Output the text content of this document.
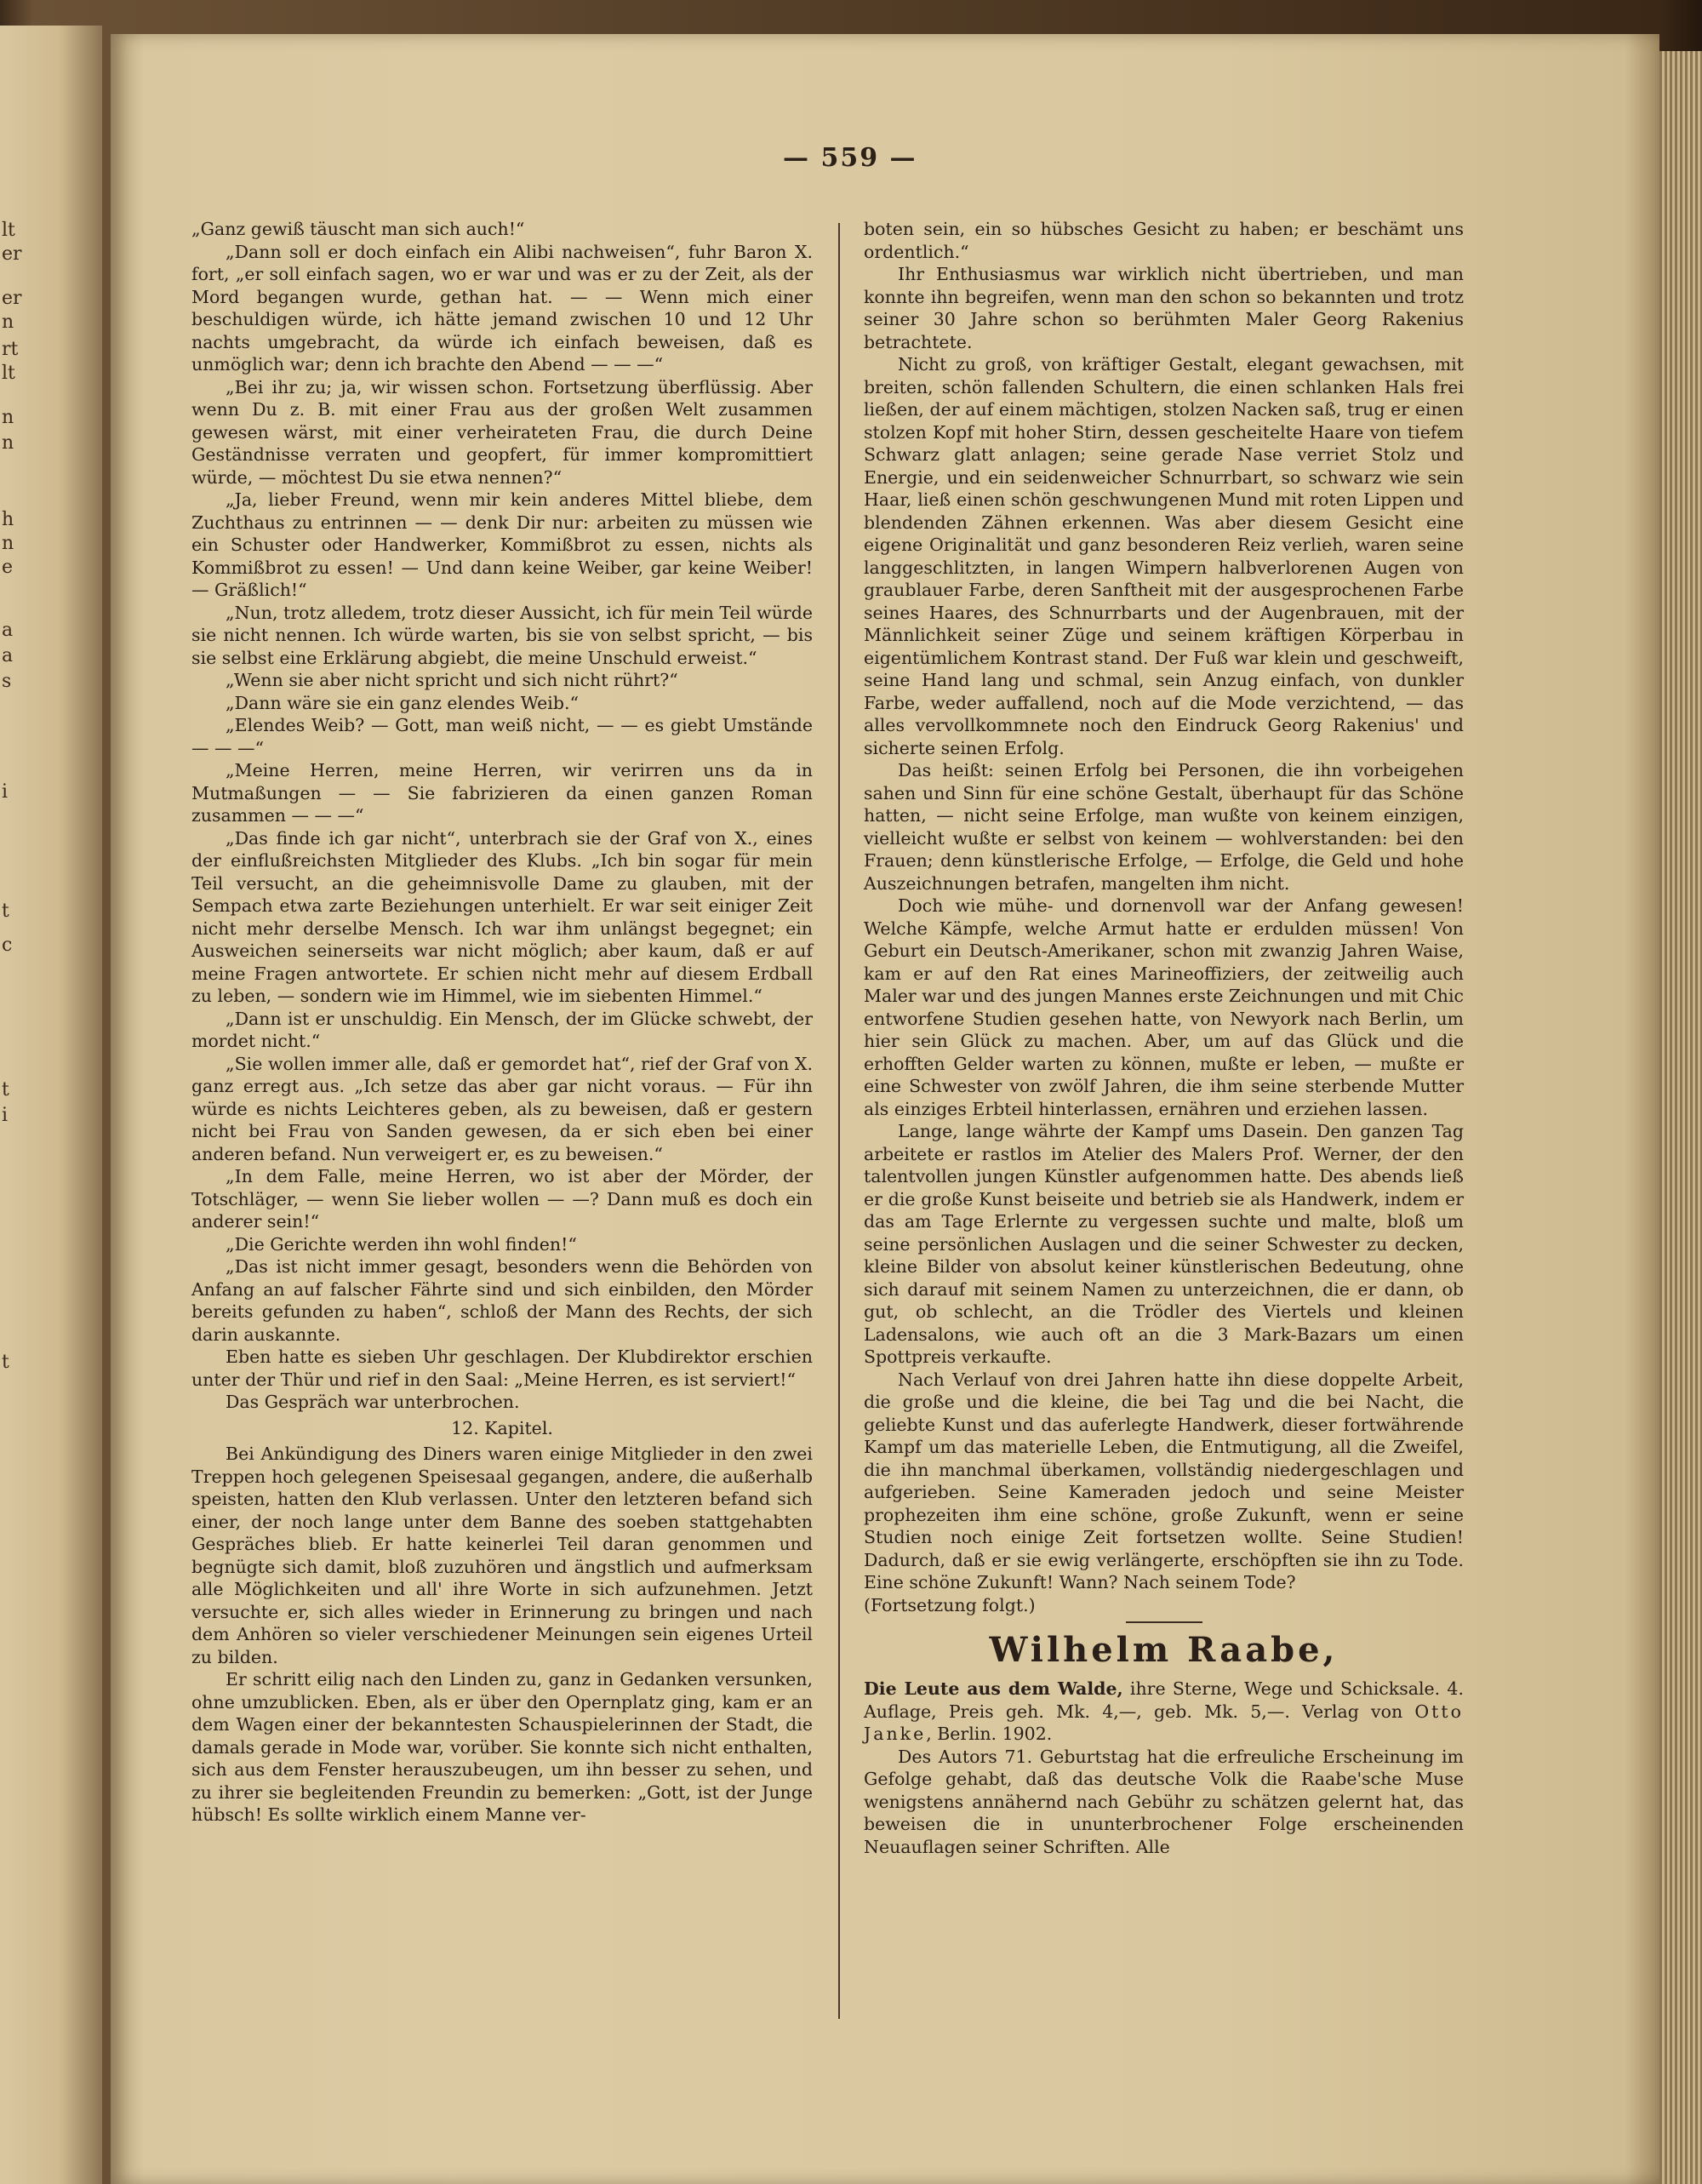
lt
er
er
n
rt
lt
n
n
h
n
e
a
a
s
i
t
c
t
i
t
— 559 —

„Ganz gewiß täuscht man sich auch!“

„Dann soll er doch einfach ein Alibi nachweisen“, fuhr Baron X. fort, „er soll einfach sagen, wo er war und was er zu der Zeit, als der Mord begangen wurde, gethan hat. — — Wenn mich einer beschuldigen würde, ich hätte jemand zwischen 10 und 12 Uhr nachts umgebracht, da würde ich einfach beweisen, daß es unmöglich war; denn ich brachte den Abend — — —“

„Bei ihr zu; ja, wir wissen schon. Fortsetzung überflüssig. Aber wenn Du z. B. mit einer Frau aus der großen Welt zusammen gewesen wärst, mit einer verheirateten Frau, die durch Deine Geständnisse verraten und geopfert, für immer kompromittiert würde, — möchtest Du sie etwa nennen?“

„Ja, lieber Freund, wenn mir kein anderes Mittel bliebe, dem Zuchthaus zu entrinnen — — denk Dir nur: arbeiten zu müssen wie ein Schuster oder Handwerker, Kommißbrot zu essen, nichts als Kommißbrot zu essen! — Und dann keine Weiber, gar keine Weiber! — Gräßlich!“

„Nun, trotz alledem, trotz dieser Aussicht, ich für mein Teil würde sie nicht nennen. Ich würde warten, bis sie von selbst spricht, — bis sie selbst eine Erklärung abgiebt, die meine Unschuld erweist.“

„Wenn sie aber nicht spricht und sich nicht rührt?“

„Dann wäre sie ein ganz elendes Weib.“

„Elendes Weib? — Gott, man weiß nicht, — — es giebt Umstände — — —“

„Meine Herren, meine Herren, wir verirren uns da in Mutmaßungen — — Sie fabrizieren da einen ganzen Roman zusammen — — —“

„Das finde ich gar nicht“, unterbrach sie der Graf von X., eines der einflußreichsten Mitglieder des Klubs. „Ich bin sogar für mein Teil versucht, an die geheimnisvolle Dame zu glauben, mit der Sempach etwa zarte Beziehungen unterhielt. Er war seit einiger Zeit nicht mehr derselbe Mensch. Ich war ihm unlängst begegnet; ein Ausweichen seinerseits war nicht möglich; aber kaum, daß er auf meine Fragen antwortete. Er schien nicht mehr auf diesem Erdball zu leben, — sondern wie im Himmel, wie im siebenten Himmel.“

„Dann ist er unschuldig. Ein Mensch, der im Glücke schwebt, der mordet nicht.“

„Sie wollen immer alle, daß er gemordet hat“, rief der Graf von X. ganz erregt aus. „Ich setze das aber gar nicht voraus. — Für ihn würde es nichts Leichteres geben, als zu beweisen, daß er gestern nicht bei Frau von Sanden gewesen, da er sich eben bei einer anderen befand. Nun verweigert er, es zu beweisen.“

„In dem Falle, meine Herren, wo ist aber der Mörder, der Totschläger, — wenn Sie lieber wollen — —? Dann muß es doch ein anderer sein!“

„Die Gerichte werden ihn wohl finden!“

„Das ist nicht immer gesagt, besonders wenn die Behörden von Anfang an auf falscher Fährte sind und sich einbilden, den Mörder bereits gefunden zu haben“, schloß der Mann des Rechts, der sich darin auskannte.

Eben hatte es sieben Uhr geschlagen. Der Klubdirektor erschien unter der Thür und rief in den Saal: „Meine Herren, es ist serviert!“

Das Gespräch war unterbrochen.

12. Kapitel.

Bei Ankündigung des Diners waren einige Mitglieder in den zwei Treppen hoch gelegenen Speisesaal gegangen, andere, die außerhalb speisten, hatten den Klub verlassen. Unter den letzteren befand sich einer, der noch lange unter dem Banne des soeben stattgehabten Gespräches blieb. Er hatte keinerlei Teil daran genommen und begnügte sich damit, bloß zuzuhören und ängstlich und aufmerksam alle Möglichkeiten und all' ihre Worte in sich aufzunehmen. Jetzt versuchte er, sich alles wieder in Erinnerung zu bringen und nach dem Anhören so vieler verschiedener Meinungen sein eigenes Urteil zu bilden.

Er schritt eilig nach den Linden zu, ganz in Gedanken versunken, ohne umzublicken. Eben, als er über den Opernplatz ging, kam er an dem Wagen einer der bekanntesten Schauspielerinnen der Stadt, die damals gerade in Mode war, vorüber. Sie konnte sich nicht enthalten, sich aus dem Fenster herauszubeugen, um ihn besser zu sehen, und zu ihrer sie begleitenden Freundin zu bemerken: „Gott, ist der Junge hübsch! Es sollte wirklich einem Manne ver-

boten sein, ein so hübsches Gesicht zu haben; er beschämt uns ordentlich.“

Ihr Enthusiasmus war wirklich nicht übertrieben, und man konnte ihn begreifen, wenn man den schon so bekannten und trotz seiner 30 Jahre schon so berühmten Maler Georg Rakenius betrachtete.

Nicht zu groß, von kräftiger Gestalt, elegant gewachsen, mit breiten, schön fallenden Schultern, die einen schlanken Hals frei ließen, der auf einem mächtigen, stolzen Nacken saß, trug er einen stolzen Kopf mit hoher Stirn, dessen gescheitelte Haare von tiefem Schwarz glatt anlagen; seine gerade Nase verriet Stolz und Energie, und ein seidenweicher Schnurrbart, so schwarz wie sein Haar, ließ einen schön geschwungenen Mund mit roten Lippen und blendenden Zähnen erkennen. Was aber diesem Gesicht eine eigene Originalität und ganz besonderen Reiz verlieh, waren seine langgeschlitzten, in langen Wimpern halbverlorenen Augen von graublauer Farbe, deren Sanftheit mit der ausgesprochenen Farbe seines Haares, des Schnurrbarts und der Augenbrauen, mit der Männlichkeit seiner Züge und seinem kräftigen Körperbau in eigentümlichem Kontrast stand. Der Fuß war klein und geschweift, seine Hand lang und schmal, sein Anzug einfach, von dunkler Farbe, weder auffallend, noch auf die Mode verzichtend, — das alles vervollkommnete noch den Eindruck Georg Rakenius' und sicherte seinen Erfolg.

Das heißt: seinen Erfolg bei Personen, die ihn vorbeigehen sahen und Sinn für eine schöne Gestalt, überhaupt für das Schöne hatten, — nicht seine Erfolge, man wußte von keinem einzigen, vielleicht wußte er selbst von keinem — wohlverstanden: bei den Frauen; denn künstlerische Erfolge, — Erfolge, die Geld und hohe Auszeichnungen betrafen, mangelten ihm nicht.

Doch wie mühe- und dornenvoll war der Anfang gewesen! Welche Kämpfe, welche Armut hatte er erdulden müssen! Von Geburt ein Deutsch-Amerikaner, schon mit zwanzig Jahren Waise, kam er auf den Rat eines Marineoffiziers, der zeitweilig auch Maler war und des jungen Mannes erste Zeichnungen und mit Chic entworfene Studien gesehen hatte, von Newyork nach Berlin, um hier sein Glück zu machen. Aber, um auf das Glück und die erhofften Gelder warten zu können, mußte er leben, — mußte er eine Schwester von zwölf Jahren, die ihm seine sterbende Mutter als einziges Erbteil hinterlassen, ernähren und erziehen lassen.

Lange, lange währte der Kampf ums Dasein. Den ganzen Tag arbeitete er rastlos im Atelier des Malers Prof. Werner, der den talentvollen jungen Künstler aufgenommen hatte. Des abends ließ er die große Kunst beiseite und betrieb sie als Handwerk, indem er das am Tage Erlernte zu vergessen suchte und malte, bloß um seine persönlichen Auslagen und die seiner Schwester zu decken, kleine Bilder von absolut keiner künstlerischen Bedeutung, ohne sich darauf mit seinem Namen zu unterzeichnen, die er dann, ob gut, ob schlecht, an die Trödler des Viertels und kleinen Ladensalons, wie auch oft an die 3 Mark-Bazars um einen Spottpreis verkaufte.

Nach Verlauf von drei Jahren hatte ihn diese doppelte Arbeit, die große und die kleine, die bei Tag und die bei Nacht, die geliebte Kunst und das auferlegte Handwerk, dieser fortwährende Kampf um das materielle Leben, die Entmutigung, all die Zweifel, die ihn manchmal überkamen, vollständig niedergeschlagen und aufgerieben. Seine Kameraden jedoch und seine Meister prophezeiten ihm eine schöne, große Zukunft, wenn er seine Studien noch einige Zeit fortsetzen wollte. Seine Studien! Dadurch, daß er sie ewig verlängerte, erschöpften sie ihn zu Tode. Eine schöne Zukunft! Wann? Nach seinem Tode?

(Fortsetzung folgt.)

Wilhelm Raabe,

Die Leute aus dem Walde, ihre Sterne, Wege und Schicksale. 4. Auflage, Preis geh. Mk. 4,—, geb. Mk. 5,—. Verlag von Otto Janke, Berlin. 1902.

Des Autors 71. Geburtstag hat die erfreuliche Erscheinung im Gefolge gehabt, daß das deutsche Volk die Raabe'sche Muse wenigstens annähernd nach Gebühr zu schätzen gelernt hat, das beweisen die in ununterbrochener Folge erscheinenden Neuauflagen seiner Schriften. Alle
